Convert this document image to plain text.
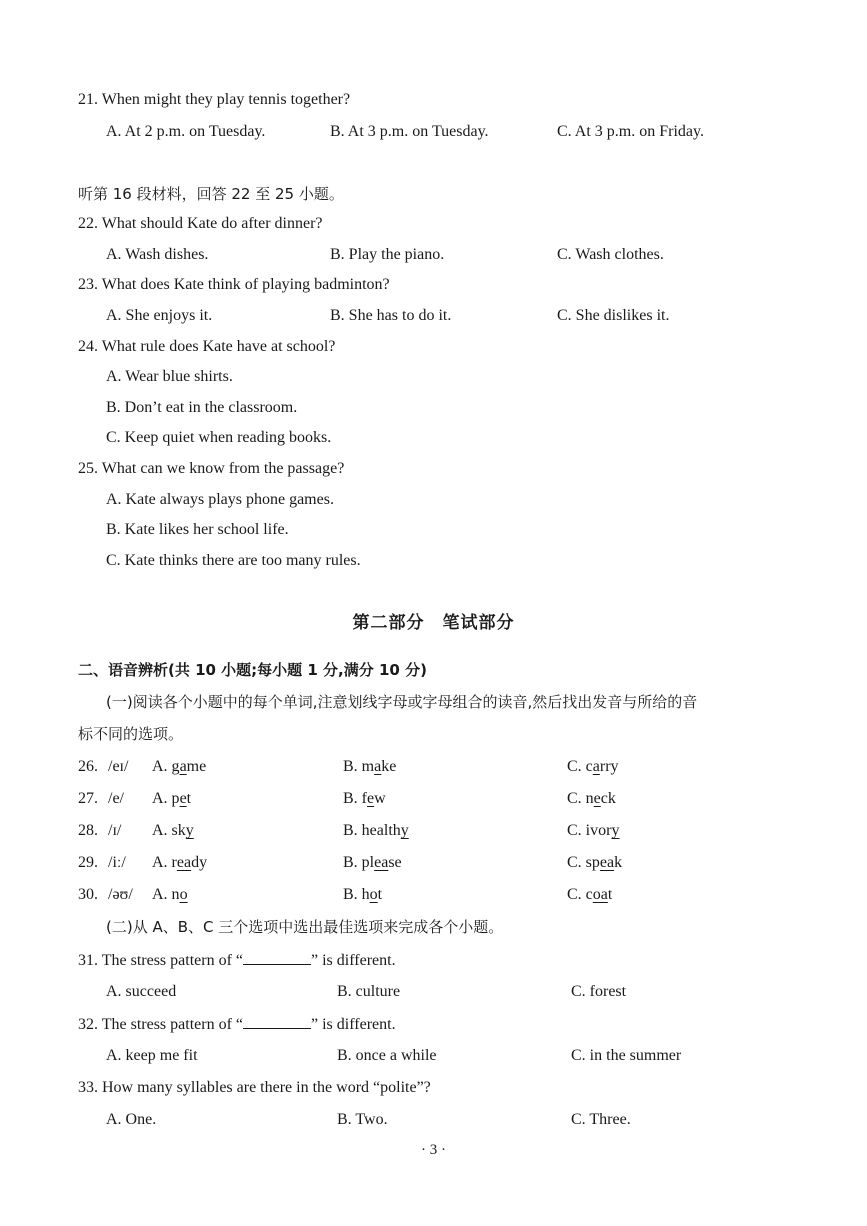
21. When might they play tennis together?
A. At 2 p.m. on Tuesday.	B. At 3 p.m. on Tuesday.	C. At 3 p.m. on Friday.
听第 16 段材料，回答 22 至 25 小题。
22. What should Kate do after dinner?
A. Wash dishes.	B. Play the piano.	C. Wash clothes.
23. What does Kate think of playing badminton?
A. She enjoys it.	B. She has to do it.	C. She dislikes it.
24. What rule does Kate have at school?
A. Wear blue shirts.
B. Don’t eat in the classroom.
C. Keep quiet when reading books.
25. What can we know from the passage?
A. Kate always plays phone games.
B. Kate likes her school life.
C. Kate thinks there are too many rules.
第二部分　笔试部分
二、语音辨析(共 10 小题;每小题 1 分,满分 10 分)
(一)阅读各个小题中的每个单词,注意划线字母或字母组合的读音,然后找出发音与所给的音
标不同的选项。
26. /eɪ/ A. game	B. make	C. carry
27. /e/ A. pet	B. few	C. neck
28. /ɪ/ A. sky	B. healthy	C. ivory
29. /iː/ A. ready	B. please	C. speak
30. /əʊ/ A. no	B. hot	C. coat
(二)从 A、B、C 三个选项中选出最佳选项来完成各个小题。
31. The stress pattern of “	” is different.
A. succeed	B. culture	C. forest
32. The stress pattern of “	” is different.
A. keep me fit	B. once a while	C. in the summer
33. How many syllables are there in the word “polite”?
A. One.	B. Two.	C. Three.
· 3 ·
